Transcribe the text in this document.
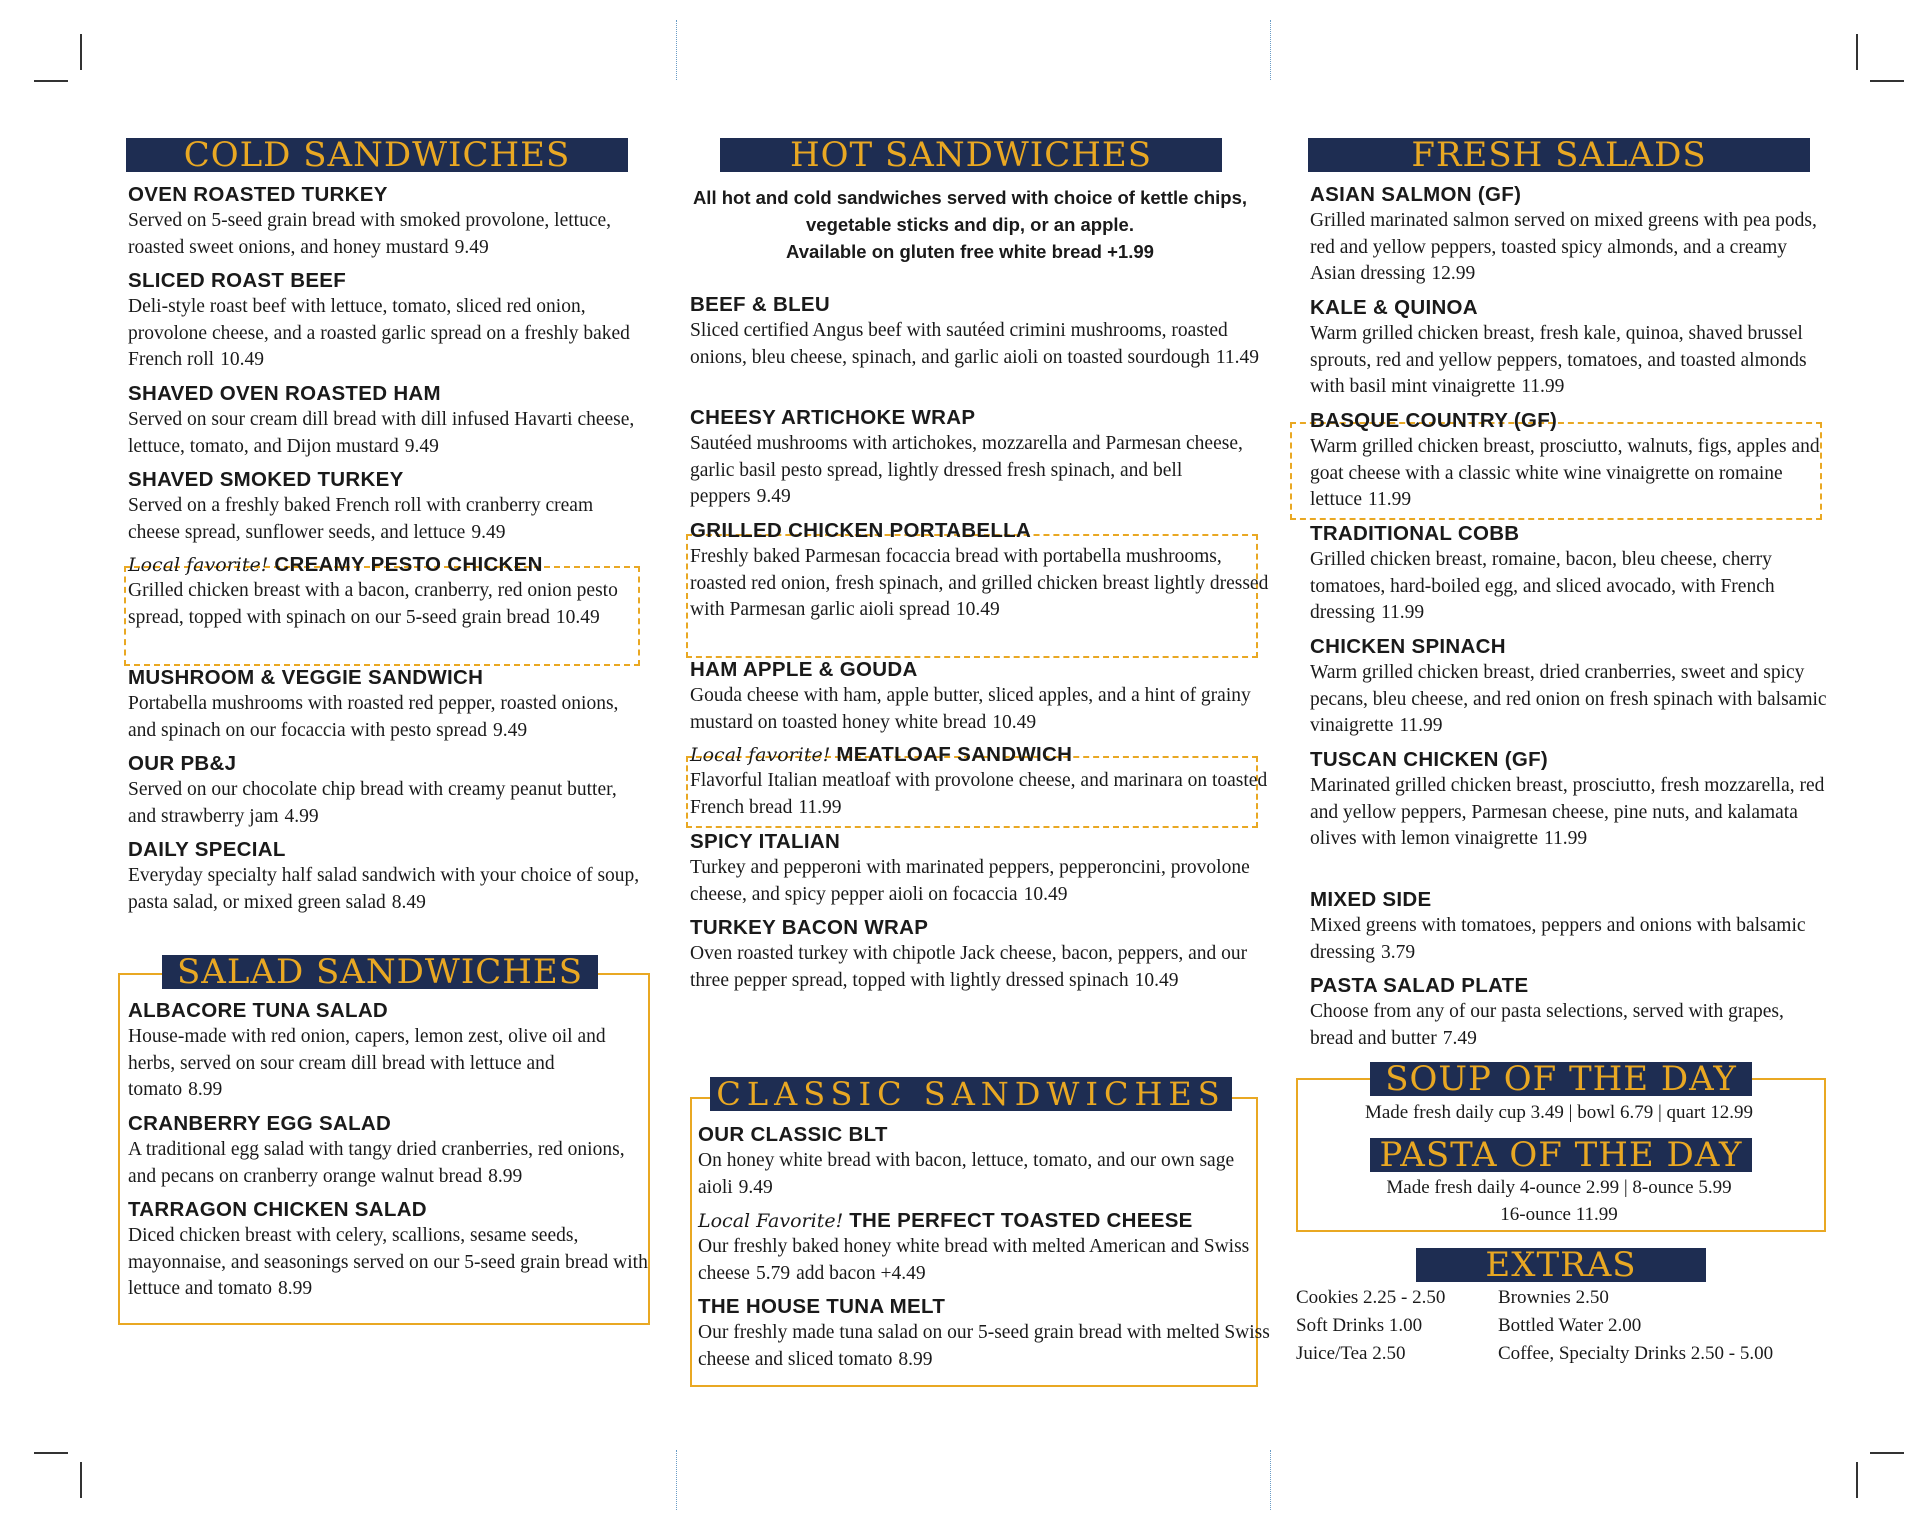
COLD SANDWICHES
OVEN ROASTED TURKEY
Served on 5-seed grain bread with smoked provolone, lettuce, roasted sweet onions, and honey mustard 9.49
SLICED ROAST BEEF
Deli-style roast beef with lettuce, tomato, sliced red onion, provolone cheese, and a roasted garlic spread on a freshly baked French roll 10.49
SHAVED OVEN ROASTED HAM
Served on sour cream dill bread with dill infused Havarti cheese, lettuce, tomato, and Dijon mustard 9.49
SHAVED SMOKED TURKEY
Served on a freshly baked French roll with cranberry cream cheese spread, sunflower seeds, and lettuce 9.49
Local favorite! CREAMY PESTO CHICKEN
Grilled chicken breast with a bacon, cranberry, red onion pesto spread, topped with spinach on our 5-seed grain bread 10.49
MUSHROOM & VEGGIE SANDWICH
Portabella mushrooms with roasted red pepper, roasted onions, and spinach on our focaccia with pesto spread 9.49
OUR PB&J
Served on our chocolate chip bread with creamy peanut butter, and strawberry jam 4.99
DAILY SPECIAL
Everyday specialty half salad sandwich with your choice of soup, pasta salad, or mixed green salad 8.49
SALAD SANDWICHES
ALBACORE TUNA SALAD
House-made with red onion, capers, lemon zest, olive oil and herbs, served on sour cream dill bread with lettuce and tomato 8.99
CRANBERRY EGG SALAD
A traditional egg salad with tangy dried cranberries, red onions, and pecans on cranberry orange walnut bread 8.99
TARRAGON CHICKEN SALAD
Diced chicken breast with celery, scallions, sesame seeds, mayonnaise, and seasonings served on our 5-seed grain bread with lettuce and tomato 8.99
HOT SANDWICHES
All hot and cold sandwiches served with choice of kettle chips,
vegetable sticks and dip, or an apple.
Available on gluten free white bread +1.99
BEEF & BLEU
Sliced certified Angus beef with sautéed crimini mushrooms, roasted onions, bleu cheese, spinach, and garlic aioli on toasted sourdough 11.49
CHEESY ARTICHOKE WRAP
Sautéed mushrooms with artichokes, mozzarella and Parmesan cheese, garlic basil pesto spread, lightly dressed fresh spinach, and bell peppers 9.49
GRILLED CHICKEN PORTABELLA
Freshly baked Parmesan focaccia bread with portabella mushrooms, roasted red onion, fresh spinach, and grilled chicken breast lightly dressed with Parmesan garlic aioli spread 10.49
HAM APPLE & GOUDA
Gouda cheese with ham, apple butter, sliced apples, and a hint of grainy mustard on toasted honey white bread 10.49
Local favorite! MEATLOAF SANDWICH
Flavorful Italian meatloaf with provolone cheese, and marinara on toasted French bread 11.99
SPICY ITALIAN
Turkey and pepperoni with marinated peppers, pepperoncini, provolone cheese, and spicy pepper aioli on focaccia 10.49
TURKEY BACON WRAP
Oven roasted turkey with chipotle Jack cheese, bacon, peppers, and our three pepper spread, topped with lightly dressed spinach 10.49
CLASSIC SANDWICHES
OUR CLASSIC BLT
On honey white bread with bacon, lettuce, tomato, and our own sage aioli 9.49
Local Favorite! THE PERFECT TOASTED CHEESE
Our freshly baked honey white bread with melted American and Swiss cheese 5.79 add bacon +4.49
THE HOUSE TUNA MELT
Our freshly made tuna salad on our 5-seed grain bread with melted Swiss cheese and sliced tomato 8.99
FRESH SALADS
ASIAN SALMON (GF)
Grilled marinated salmon served on mixed greens with pea pods, red and yellow peppers, toasted spicy almonds, and a creamy Asian dressing 12.99
KALE & QUINOA
Warm grilled chicken breast, fresh kale, quinoa, shaved brussel sprouts, red and yellow peppers, tomatoes, and toasted almonds with basil mint vinaigrette 11.99
BASQUE COUNTRY (GF)
Warm grilled chicken breast, prosciutto, walnuts, figs, apples and goat cheese with a classic white wine vinaigrette on romaine lettuce 11.99
TRADITIONAL COBB
Grilled chicken breast, romaine, bacon, bleu cheese, cherry tomatoes, hard-boiled egg, and sliced avocado, with French dressing 11.99
CHICKEN SPINACH
Warm grilled chicken breast, dried cranberries, sweet and spicy pecans, bleu cheese, and red onion on fresh spinach with balsamic vinaigrette 11.99
TUSCAN CHICKEN (GF)
Marinated grilled chicken breast, prosciutto, fresh mozzarella, red and yellow peppers, Parmesan cheese, pine nuts, and kalamata olives with lemon vinaigrette 11.99
MIXED SIDE
Mixed greens with tomatoes, peppers and onions with balsamic dressing 3.79
PASTA SALAD PLATE
Choose from any of our pasta selections, served with grapes, bread and butter 7.49
SOUP OF THE DAY
Made fresh daily cup 3.49 | bowl 6.79 | quart 12.99
PASTA OF THE DAY
Made fresh daily 4-ounce 2.99 | 8-ounce 5.99
16-ounce 11.99
EXTRAS
Cookies 2.25 - 2.50
Soft Drinks 1.00
Juice/Tea 2.50
Brownies 2.50
Bottled Water 2.00
Coffee, Specialty Drinks 2.50 - 5.00
